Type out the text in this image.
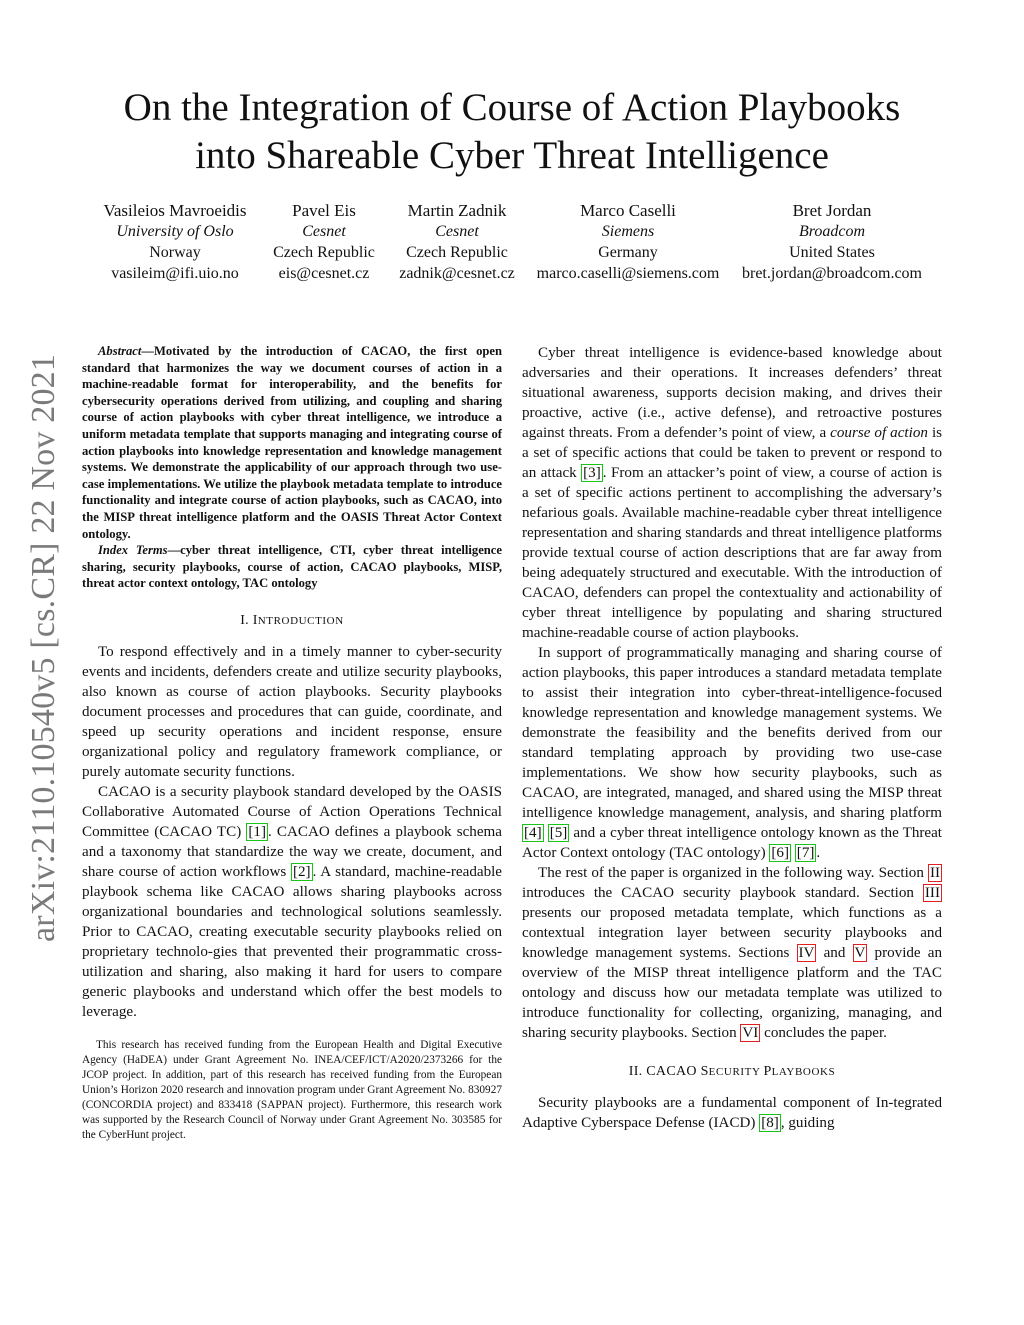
On the Integration of Course of Action Playbooks
into Shareable Cyber Threat Intelligence
Vasileios Mavroeidis
University of Oslo
Norway
vasileim@ifi.uio.no
Pavel Eis
Cesnet
Czech Republic
eis@cesnet.cz
Martin Zadnik
Cesnet
Czech Republic
zadnik@cesnet.cz
Marco Caselli
Siemens
Germany
marco.caselli@siemens.com
Bret Jordan
Broadcom
United States
bret.jordan@broadcom.com
arXiv:2110.10540v5 [cs.CR] 22 Nov 2021

Abstract—Motivated by the introduction of CACAO, the first open standard that harmonizes the way we document courses of action in a machine-readable format for interoperability, and the benefits for cybersecurity operations derived from utilizing, and coupling and sharing course of action playbooks with cyber threat intelligence, we introduce a uniform metadata template that supports managing and integrating course of action playbooks into knowledge representation and knowledge management systems. We demonstrate the applicability of our approach through two use-case implementations. We utilize the playbook metadata template to introduce functionality and integrate course of action playbooks, such as CACAO, into the MISP threat intelligence platform and the OASIS Threat Actor Context ontology.

Index Terms—cyber threat intelligence, CTI, cyber threat intelligence sharing, security playbooks, course of action, CACAO playbooks, MISP, threat actor context ontology, TAC ontology

I. INTRODUCTION

To respond effectively and in a timely manner to cyber-security events and incidents, defenders create and utilize security playbooks, also known as course of action playbooks. Security playbooks document processes and procedures that can guide, coordinate, and speed up security operations and incident response, ensure organizational policy and regulatory framework compliance, or purely automate security functions.

CACAO is a security playbook standard developed by the OASIS Collaborative Automated Course of Action Operations Technical Committee (CACAO TC) [1] . CACAO defines a playbook schema and a taxonomy that standardize the way we create, document, and share course of action workflows [2] . A standard, machine-readable playbook schema like CACAO allows sharing playbooks across organizational boundaries and technological solutions seamlessly. Prior to CACAO, creating executable security playbooks relied on proprietary technolo-gies that prevented their programmatic cross-utilization and sharing, also making it hard for users to compare generic playbooks and understand which offer the best models to leverage.

This research has received funding from the European Health and Digital Executive Agency (HaDEA) under Grant Agreement No. INEA/CEF/ICT/A2020/2373266 for the JCOP project. In addition, part of this research has received funding from the European Union’s Horizon 2020 research and innovation program under Grant Agreement No. 830927 (CONCORDIA project) and 833418 (SAPPAN project). Furthermore, this research work was supported by the Research Council of Norway under Grant Agreement No. 303585 for the CyberHunt project.

Cyber threat intelligence is evidence-based knowledge about adversaries and their operations. It increases defenders’ threat situational awareness, supports decision making, and drives their proactive, active (i.e., active defense), and retroactive postures against threats. From a defender’s point of view, a course of action is a set of specific actions that could be taken to prevent or respond to an attack [3] . From an attacker’s point of view, a course of action is a set of specific actions pertinent to accomplishing the adversary’s nefarious goals. Available machine-readable cyber threat intelligence representation and sharing standards and threat intelligence platforms provide textual course of action descriptions that are far away from being adequately structured and executable. With the introduction of CACAO, defenders can propel the contextuality and actionability of cyber threat intelligence by populating and sharing structured machine-readable course of action playbooks.

In support of programmatically managing and sharing course of action playbooks, this paper introduces a standard metadata template to assist their integration into cyber-threat-intelligence-focused knowledge representation and knowledge management systems. We demonstrate the feasibility and the benefits derived from our standard templating approach by providing two use-case implementations. We show how security playbooks, such as CACAO, are integrated, managed, and shared using the MISP threat intelligence knowledge management, analysis, and sharing platform [4] [5] and a cyber threat intelligence ontology known as the Threat Actor Context ontology (TAC ontology) [6] [7] .

The rest of the paper is organized in the following way. Section II introduces the CACAO security playbook standard. Section III presents our proposed metadata template, which functions as a contextual integration layer between security playbooks and knowledge management systems. Sections IV and V provide an overview of the MISP threat intelligence platform and the TAC ontology and discuss how our metadata template was utilized to introduce functionality for collecting, organizing, managing, and sharing security playbooks. Section VI concludes the paper.

II. CACAO SECURITY PLAYBOOKS

Security playbooks are a fundamental component of In-tegrated Adaptive Cyberspace Defense (IACD) [8] , guiding
